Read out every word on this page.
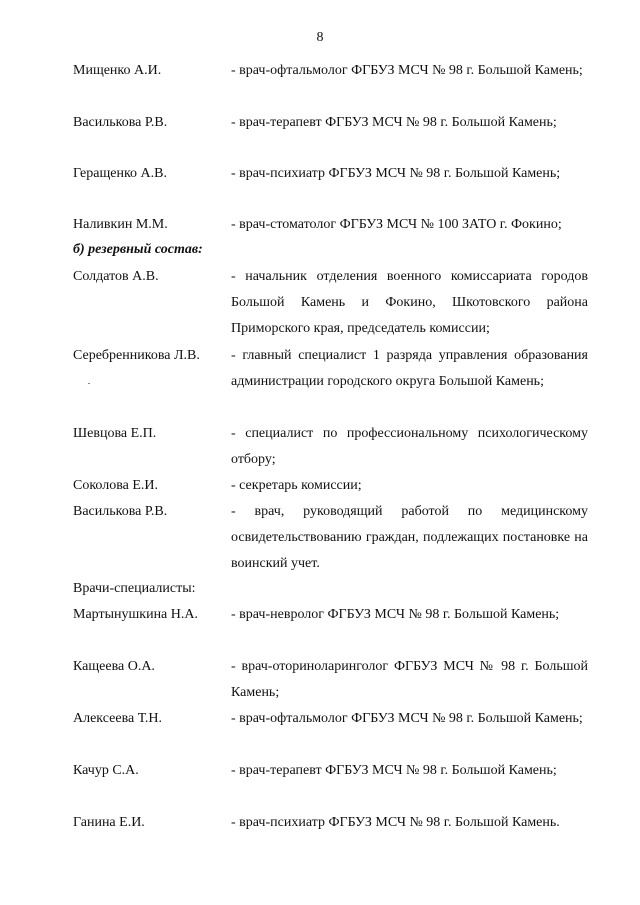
8
Мищенко А.И.	- врач-офтальмолог ФГБУЗ МСЧ № 98 г. Большой Камень;
Василькова Р.В.	- врач-терапевт ФГБУЗ МСЧ № 98 г. Большой Камень;
Геращенко А.В.	- врач-психиатр ФГБУЗ МСЧ № 98 г. Большой Камень;
Наливкин М.М.	- врач-стоматолог ФГБУЗ МСЧ № 100 ЗАТО г. Фокино;
б) резервный состав:
Солдатов А.В.	- начальник отделения военного комиссариата городов Большой Камень и Фокино, Шкотовского района Приморского края, председатель комиссии;
Серебренникова Л.В.	- главный специалист 1 разряда управления образования администрации городского округа Большой Камень;
Шевцова Е.П.	- специалист по профессиональному психологическому отбору;
Соколова Е.И.	- секретарь комиссии;
Василькова Р.В.	- врач, руководящий работой по медицинскому освидетельствованию граждан, подлежащих постановке на воинский учет.
Врачи-специалисты:
Мартынушкина Н.А.	- врач-невролог ФГБУЗ МСЧ № 98 г. Большой Камень;
Кащеева О.А.	- врач-оториноларинголог ФГБУЗ МСЧ № 98 г. Большой Камень;
Алексеева Т.Н.	- врач-офтальмолог ФГБУЗ МСЧ № 98 г. Большой Камень;
Качур С.А.	- врач-терапевт ФГБУЗ МСЧ № 98 г. Большой Камень;
Ганина Е.И.	- врач-психиатр ФГБУЗ МСЧ № 98 г. Большой Камень.
